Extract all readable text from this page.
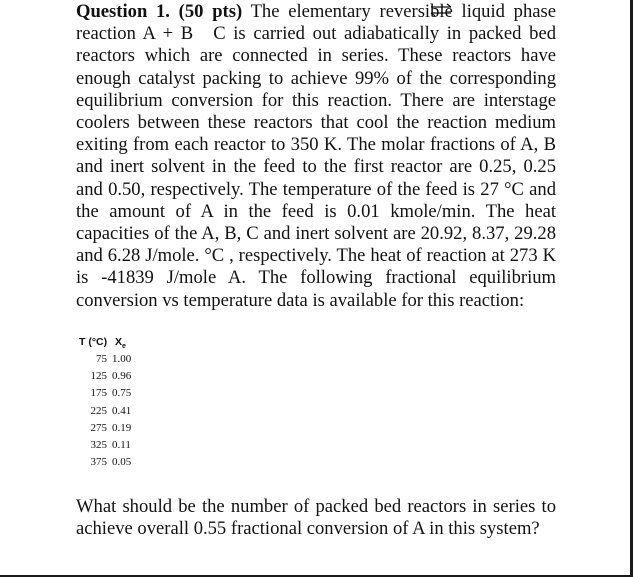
Question 1. (50 pts) The elementary reversible liquid phase reaction A + B C is carried out adiabatically in packed bed reactors which are connected in series. These reactors have enough catalyst packing to achieve 99% of the corresponding equilibrium conversion for this reaction. There are interstage coolers between these reactors that cool the reaction medium exiting from each reactor to 350 K. The molar fractions of A, B and inert solvent in the feed to the first reactor are 0.25, 0.25 and 0.50, respectively. The temperature of the feed is 27 °C and the amount of A in the feed is 0.01 kmole/min. The heat capacities of the A, B, C and inert solvent are 20.92, 8.37, 29.28 and 6.28 J/mole. °C , respectively. The heat of reaction at 273 K is -41839 J/mole A. The following fractional equilibrium conversion vs temperature data is available for this reaction:
T (°C) $X_e$
75 1.00
125 0.96
175 0.75
225 0.41
275 0.19
325 0.11
375 0.05
What should be the number of packed bed reactors in series to achieve overall 0.55 fractional conversion of A in this system?
